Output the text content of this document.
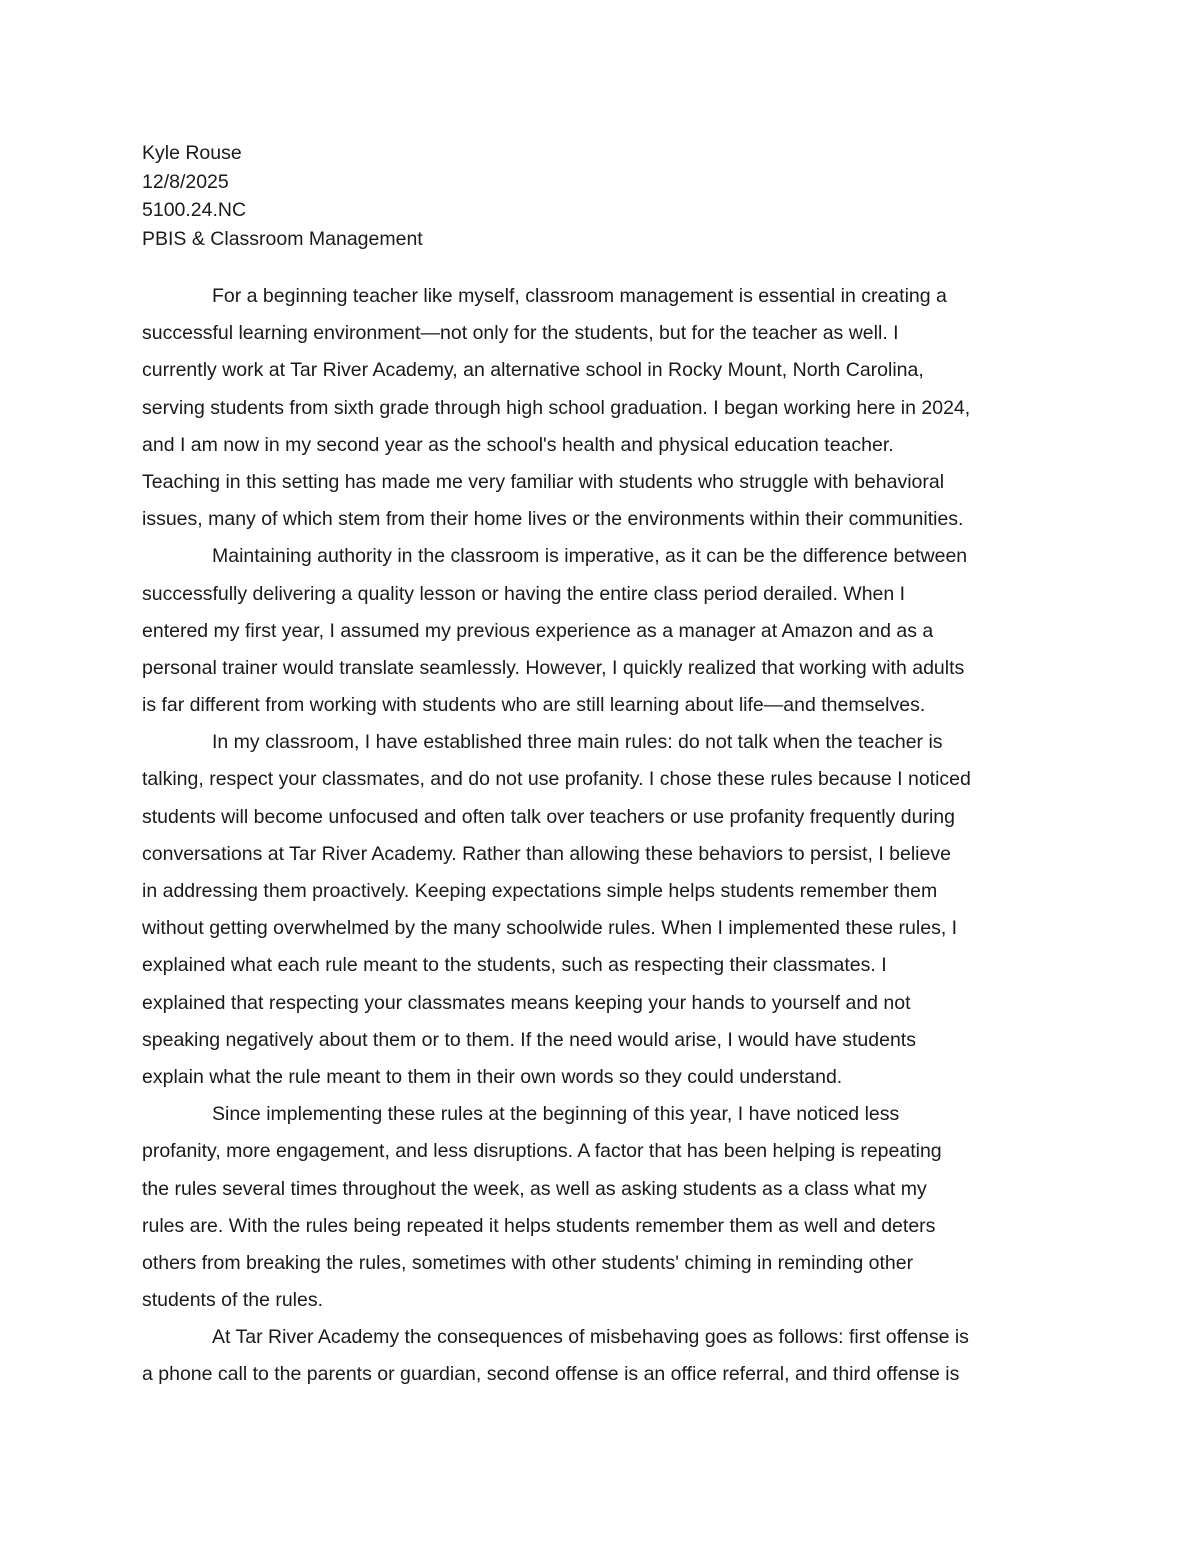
Kyle Rouse
12/8/2025
5100.24.NC
PBIS & Classroom Management
For a beginning teacher like myself, classroom management is essential in creating a
successful learning environment—not only for the students, but for the teacher as well. I
currently work at Tar River Academy, an alternative school in Rocky Mount, North Carolina,
serving students from sixth grade through high school graduation. I began working here in 2024,
and I am now in my second year as the school's health and physical education teacher.
Teaching in this setting has made me very familiar with students who struggle with behavioral
issues, many of which stem from their home lives or the environments within their communities.
Maintaining authority in the classroom is imperative, as it can be the difference between
successfully delivering a quality lesson or having the entire class period derailed. When I
entered my first year, I assumed my previous experience as a manager at Amazon and as a
personal trainer would translate seamlessly. However, I quickly realized that working with adults
is far different from working with students who are still learning about life—and themselves.
In my classroom, I have established three main rules: do not talk when the teacher is
talking, respect your classmates, and do not use profanity. I chose these rules because I noticed
students will become unfocused and often talk over teachers or use profanity frequently during
conversations at Tar River Academy. Rather than allowing these behaviors to persist, I believe
in addressing them proactively. Keeping expectations simple helps students remember them
without getting overwhelmed by the many schoolwide rules. When I implemented these rules, I
explained what each rule meant to the students, such as respecting their classmates. I
explained that respecting your classmates means keeping your hands to yourself and not
speaking negatively about them or to them. If the need would arise, I would have students
explain what the rule meant to them in their own words so they could understand.
Since implementing these rules at the beginning of this year, I have noticed less
profanity, more engagement, and less disruptions. A factor that has been helping is repeating
the rules several times throughout the week, as well as asking students as a class what my
rules are. With the rules being repeated it helps students remember them as well and deters
others from breaking the rules, sometimes with other students' chiming in reminding other
students of the rules.
At Tar River Academy the consequences of misbehaving goes as follows: first offense is
a phone call to the parents or guardian, second offense is an office referral, and third offense is
